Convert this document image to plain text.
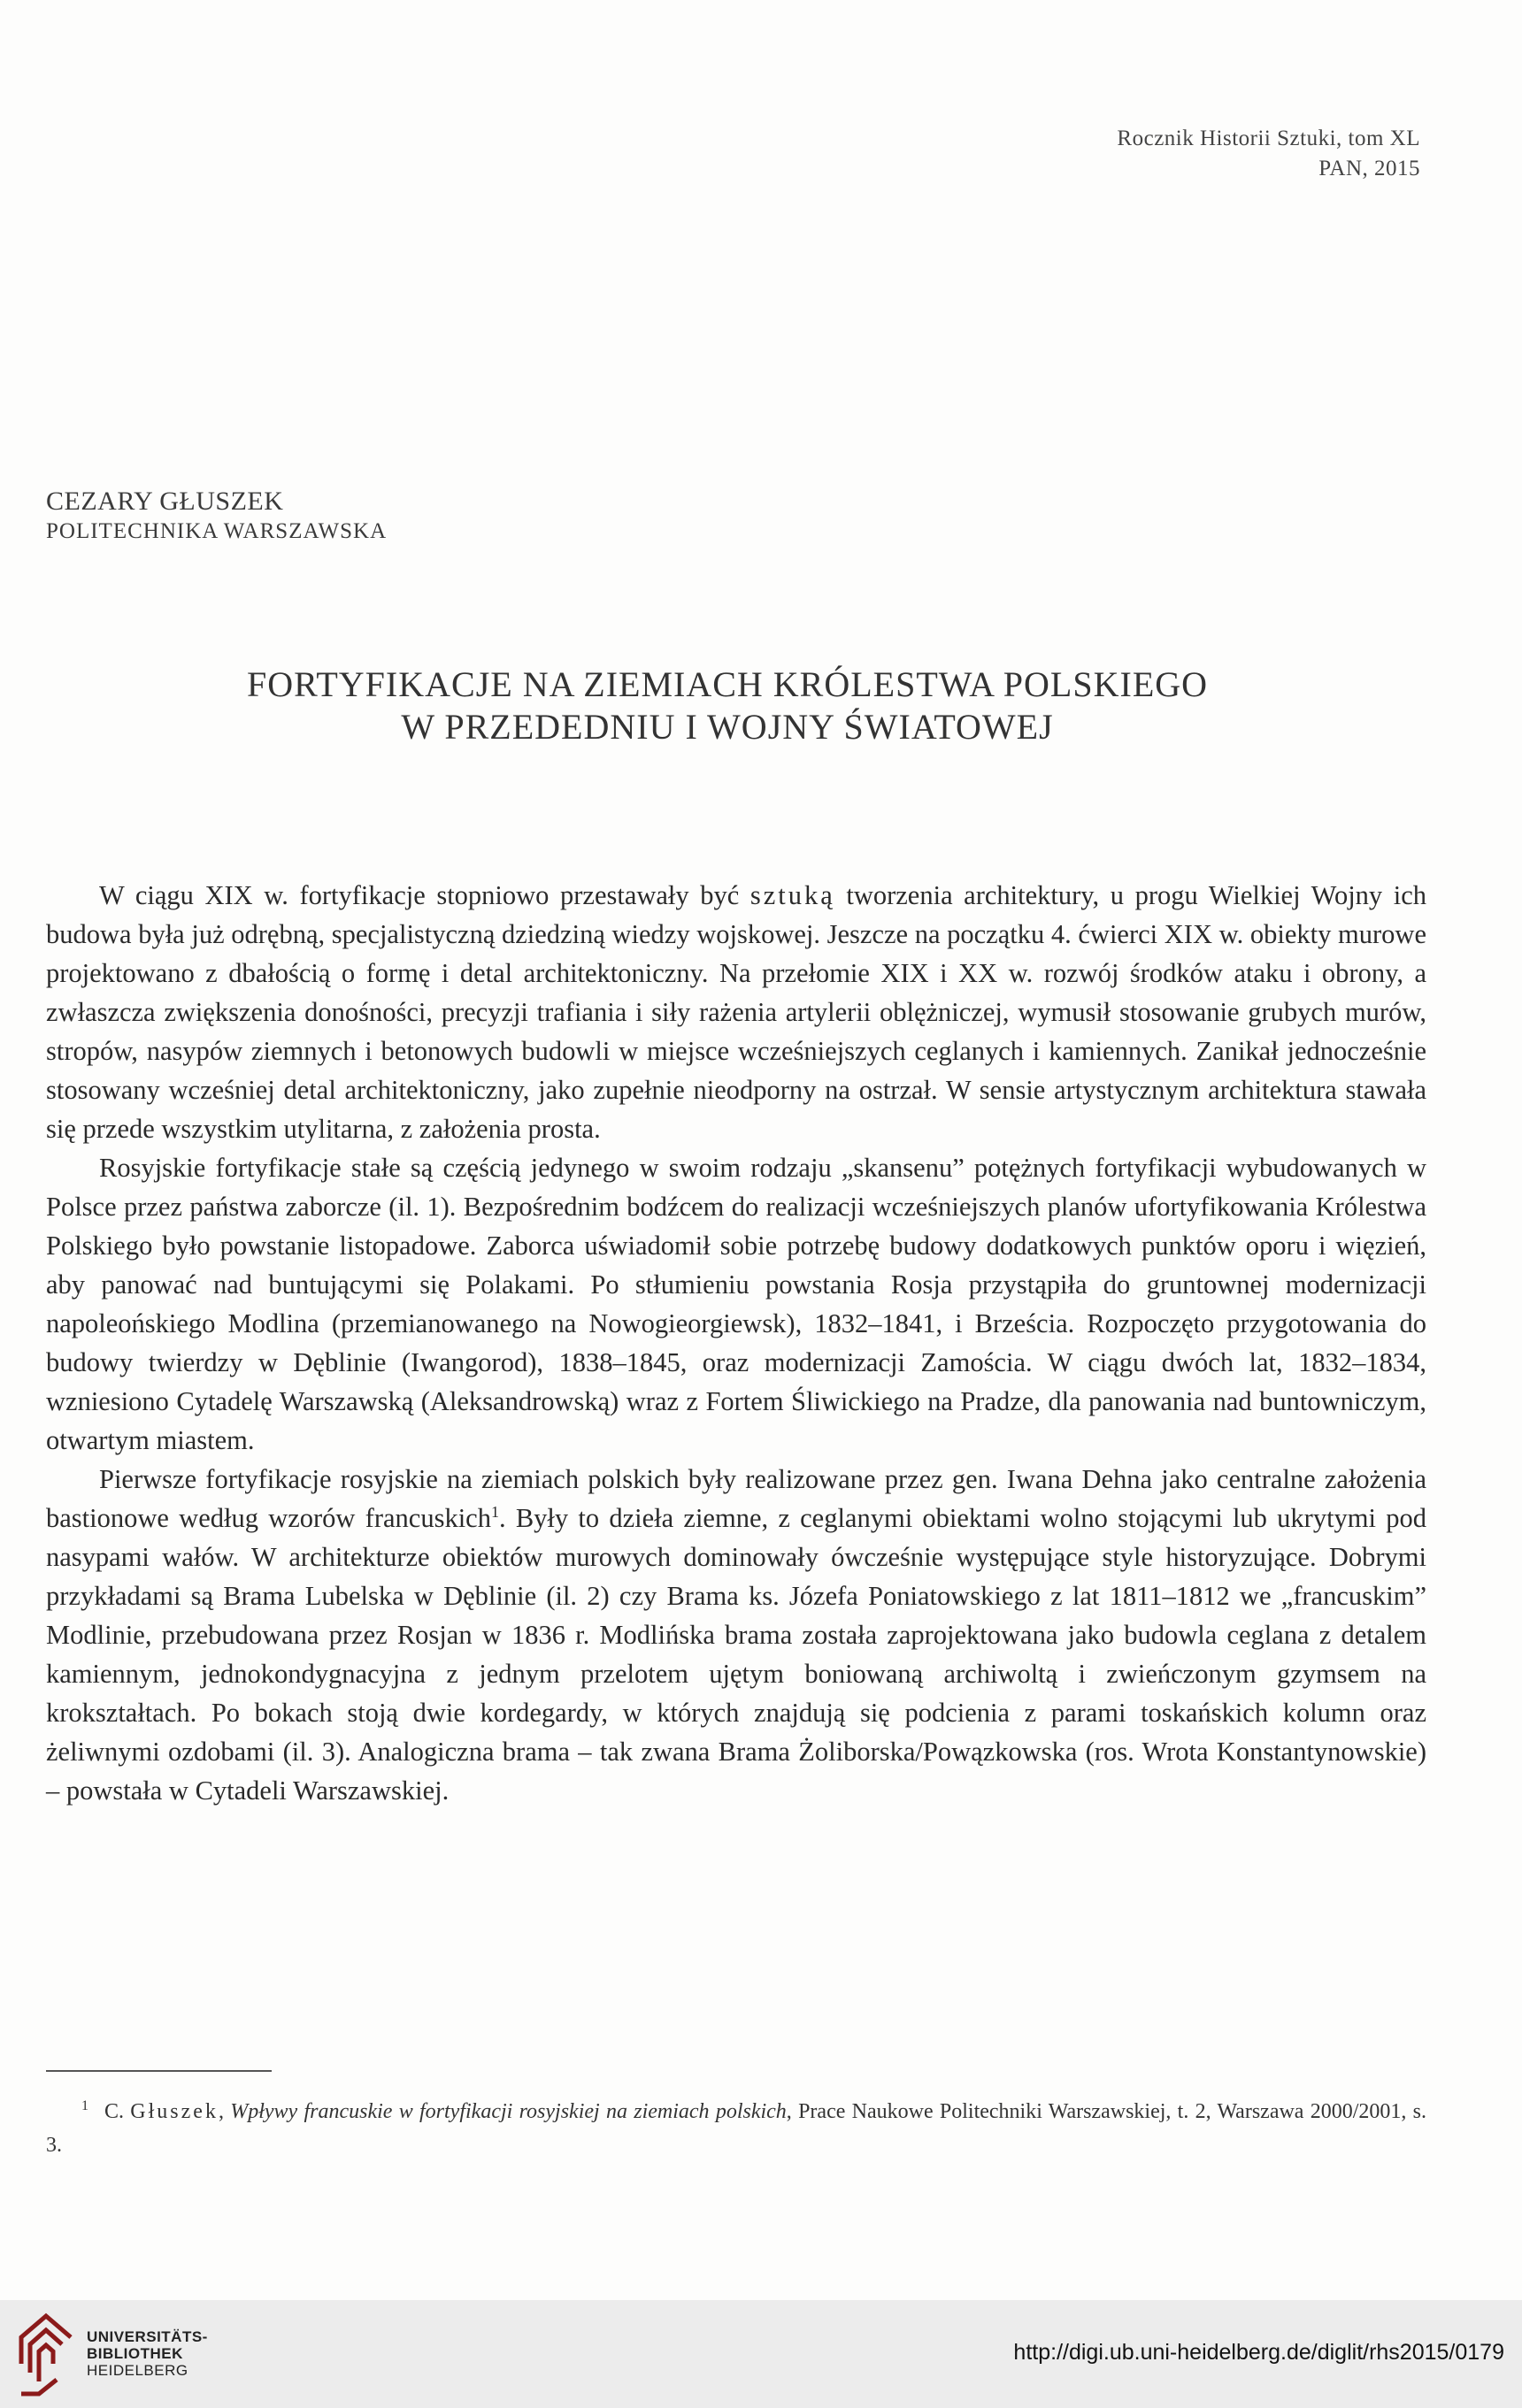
Rocznik Historii Sztuki, tom XL
PAN, 2015
CEZARY GŁUSZEK
POLITECHNIKA WARSZAWSKA
FORTYFIKACJE NA ZIEMIACH KRÓLESTWA POLSKIEGO
W PRZEDEDNIU I WOJNY ŚWIATOWEJ

W ciągu XIX w. fortyfikacje stopniowo przestawały być sztuką tworzenia architektury, u progu Wielkiej Wojny ich budowa była już odrębną, specjalistyczną dziedziną wiedzy wojskowej. Jeszcze na początku 4. ćwierci XIX w. obiekty murowe projektowano z dbałością o formę i detal architektoniczny. Na przełomie XIX i XX w. rozwój środków ataku i obrony, a zwłaszcza zwiększenia donośności, precyzji trafiania i siły rażenia artylerii oblężniczej, wymusił stosowanie grubych murów, stropów, nasypów ziemnych i betonowych budowli w miejsce wcześniejszych ceglanych i kamiennych. Zanikał jednocześnie stosowany wcześniej detal architektoniczny, jako zupełnie nieodporny na ostrzał. W sensie artystycznym architektura stawała się przede wszystkim utylitarna, z założenia prosta.

Rosyjskie fortyfikacje stałe są częścią jedynego w swoim rodzaju „skansenu” potężnych fortyfikacji wybudowanych w Polsce przez państwa zaborcze (il. 1). Bezpośrednim bodźcem do realizacji wcześniejszych planów ufortyfikowania Królestwa Polskiego było powstanie listopadowe. Zaborca uświadomił sobie potrzebę budowy dodatkowych punktów oporu i więzień, aby panować nad buntującymi się Polakami. Po stłumieniu powstania Rosja przystąpiła do gruntownej modernizacji napoleońskiego Modlina (przemianowanego na Nowogieorgiewsk), 1832–1841, i Brześcia. Rozpoczęto przygotowania do budowy twierdzy w Dęblinie (Iwangorod), 1838–1845, oraz modernizacji Zamościa. W ciągu dwóch lat, 1832–1834, wzniesiono Cytadelę Warszawską (Aleksandrowską) wraz z Fortem Śliwickiego na Pradze, dla panowania nad buntowniczym, otwartym miastem.

Pierwsze fortyfikacje rosyjskie na ziemiach polskich były realizowane przez gen. Iwana Dehna jako centralne założenia bastionowe według wzorów francuskich$^1$. Były to dzieła ziemne, z ceglanymi obiektami wolno stojącymi lub ukrytymi pod nasypami wałów. W architekturze obiektów murowych dominowały ówcześnie występujące style historyzujące. Dobrymi przykładami są Brama Lubelska w Dęblinie (il. 2) czy Brama ks. Józefa Poniatowskiego z lat 1811–1812 we „francuskim” Modlinie, przebudowana przez Rosjan w 1836 r. Modlińska brama została zaprojektowana jako budowla ceglana z detalem kamiennym, jednokondygnacyjna z jednym przelotem ujętym boniowaną archiwoltą i zwieńczonym gzymsem na krokształtach. Po bokach stoją dwie kordegardy, w których znajdują się podcienia z parami toskańskich kolumn oraz żeliwnymi ozdobami (il. 3). Analogiczna brama – tak zwana Brama Żoliborska/Powązkowska (ros. Wrota Konstantynowskie) – powstała w Cytadeli Warszawskiej.

1 C. Głuszek, Wpływy francuskie w fortyfikacji rosyjskiej na ziemiach polskich, Prace Naukowe Politechniki Warszawskiej, t. 2, Warszawa 2000/2001, s. 3.
UNIVERSITÄTS-
BIBLIOTHEK
HEIDELBERG
http://digi.ub.uni-heidelberg.de/diglit/rhs2015/0179
